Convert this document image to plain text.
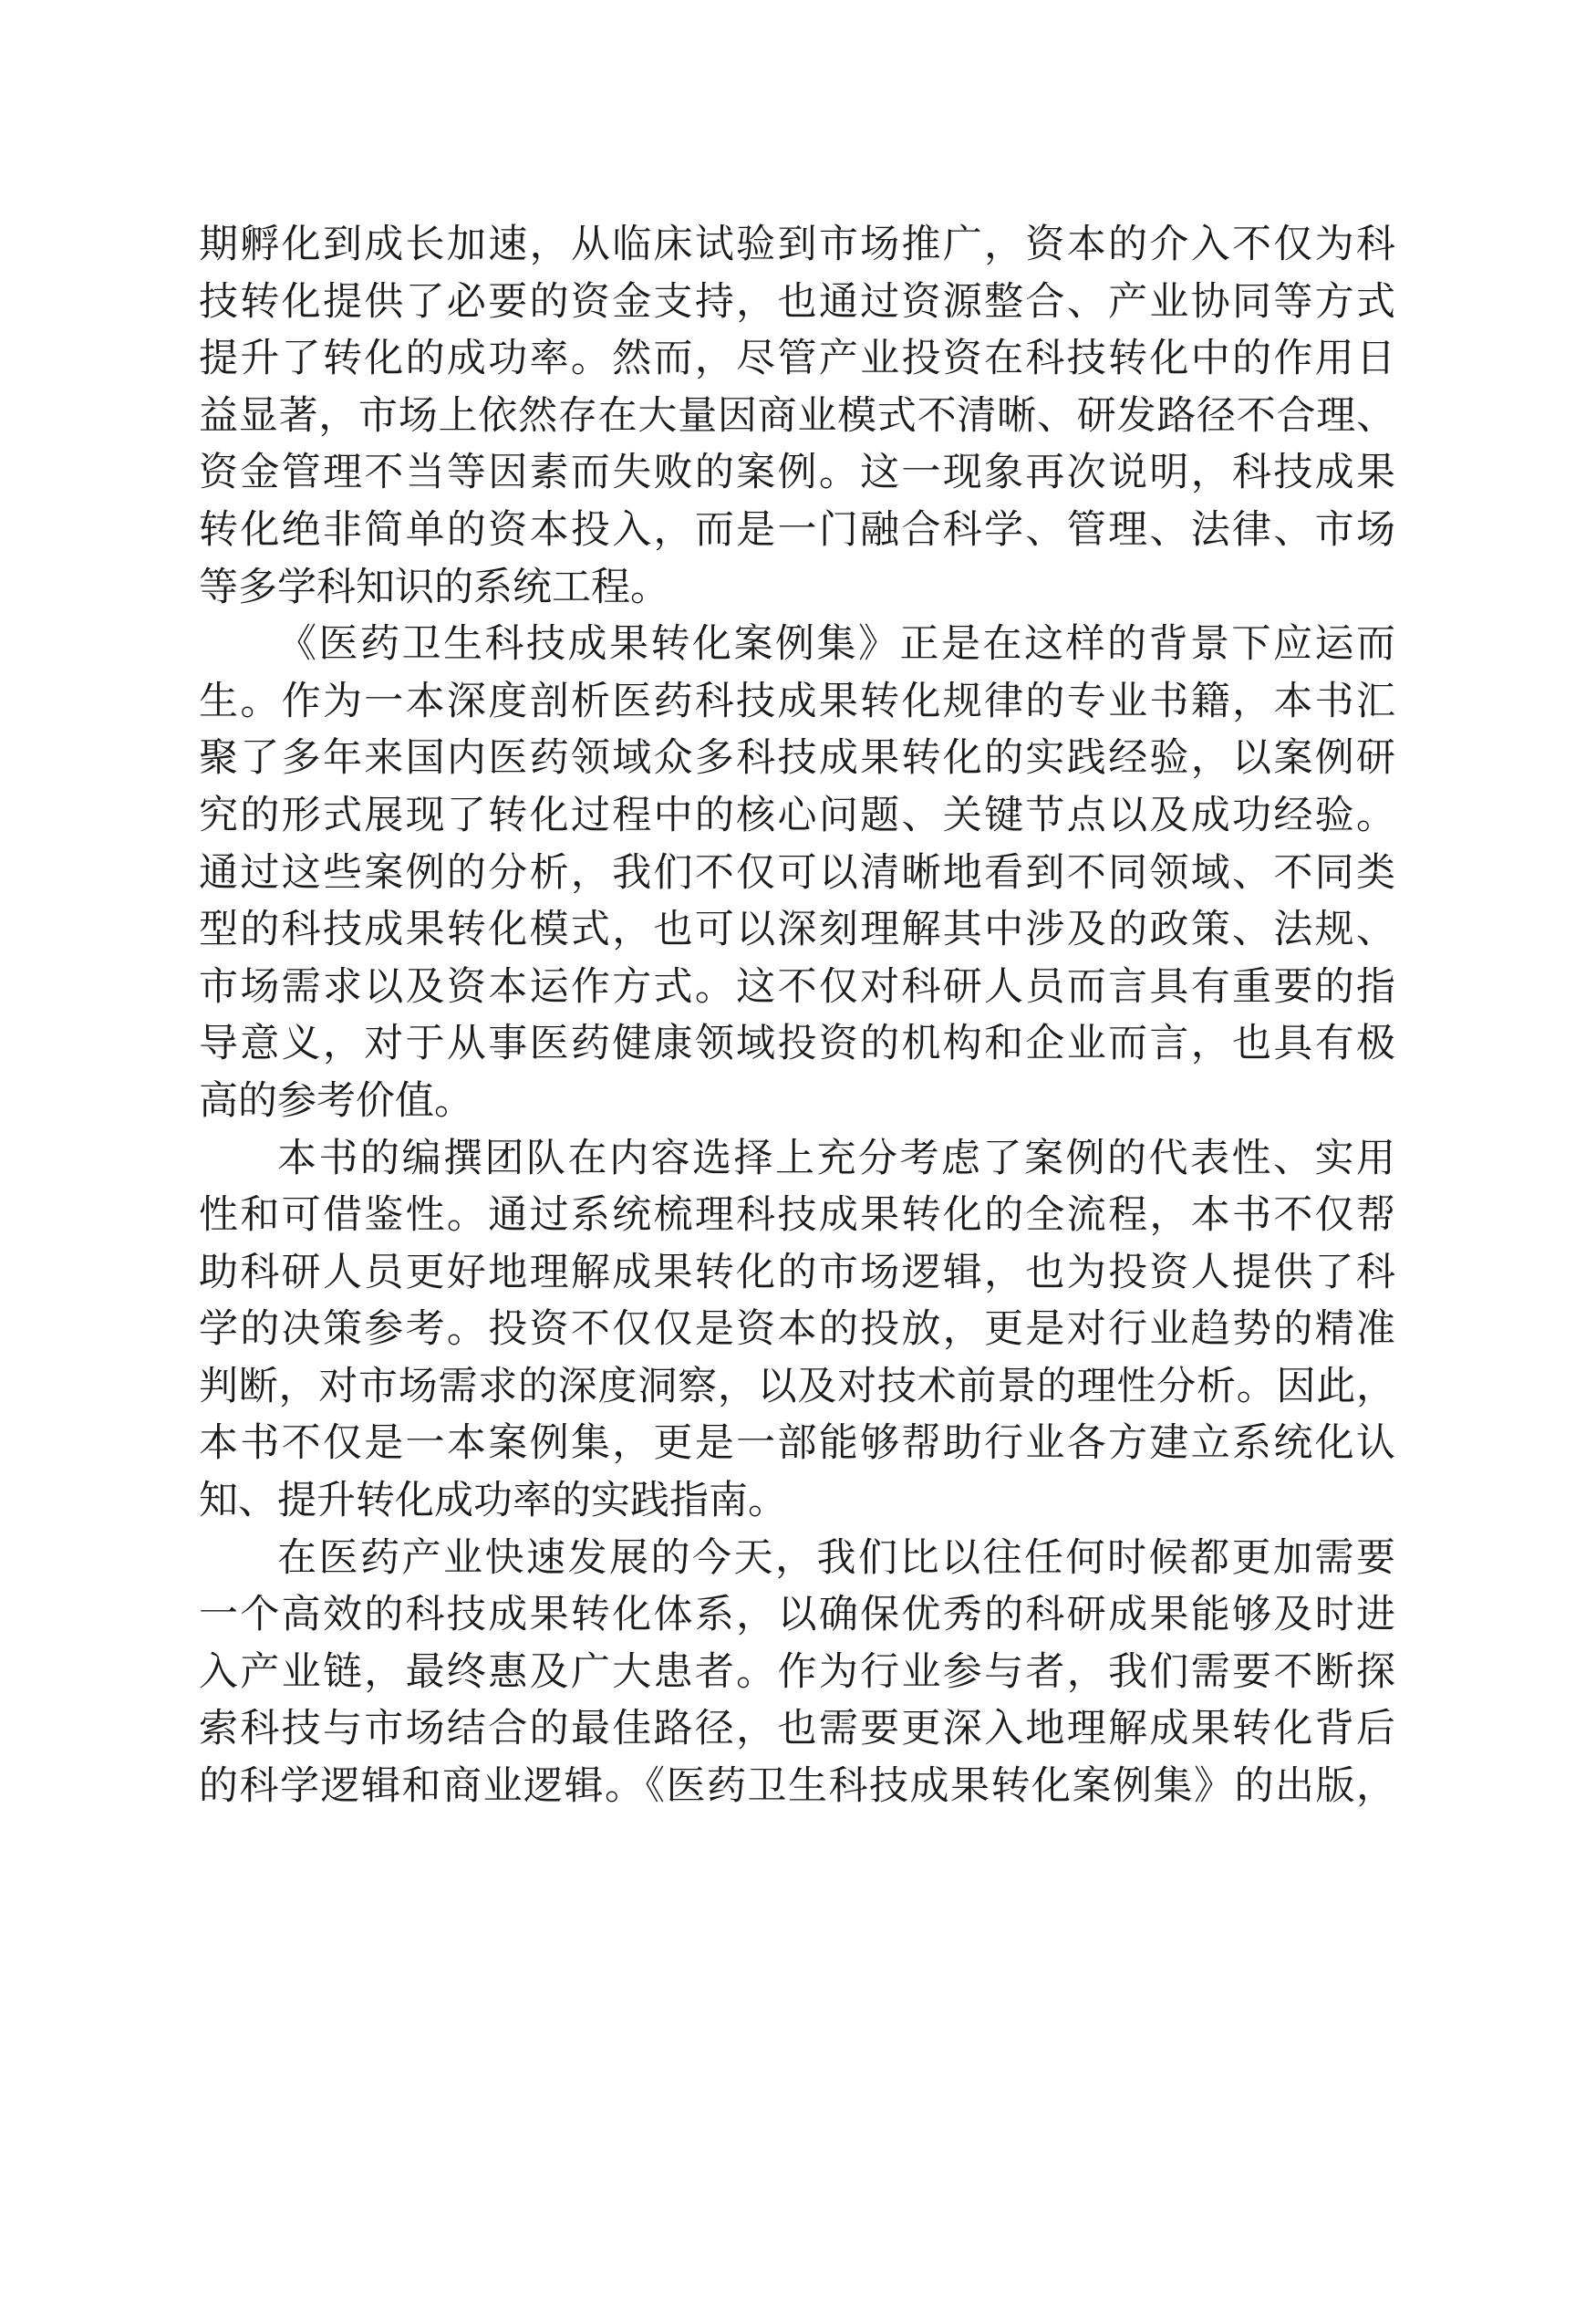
期孵化到成长加速，从临床试验到市场推广，资本的介入不仅为科
技转化提供了必要的资金支持，也通过资源整合、产业协同等方式
提升了转化的成功率。然而，尽管产业投资在科技转化中的作用日
益显著，市场上依然存在大量因商业模式不清晰、研发路径不合理、
资金管理不当等因素而失败的案例。这一现象再次说明，科技成果
转化绝非简单的资本投入，而是一门融合科学、管理、法律、市场
等多学科知识的系统工程。
《医药卫生科技成果转化案例集》正是在这样的背景下应运而
生。作为一本深度剖析医药科技成果转化规律的专业书籍，本书汇
聚了多年来国内医药领域众多科技成果转化的实践经验，以案例研
究的形式展现了转化过程中的核心问题、关键节点以及成功经验。
通过这些案例的分析，我们不仅可以清晰地看到不同领域、不同类
型的科技成果转化模式，也可以深刻理解其中涉及的政策、法规、
市场需求以及资本运作方式。这不仅对科研人员而言具有重要的指
导意义，对于从事医药健康领域投资的机构和企业而言，也具有极
高的参考价值。
本书的编撰团队在内容选择上充分考虑了案例的代表性、实用
性和可借鉴性。通过系统梳理科技成果转化的全流程，本书不仅帮
助科研人员更好地理解成果转化的市场逻辑，也为投资人提供了科
学的决策参考。投资不仅仅是资本的投放，更是对行业趋势的精准
判断，对市场需求的深度洞察，以及对技术前景的理性分析。因此，
本书不仅是一本案例集，更是一部能够帮助行业各方建立系统化认
知、提升转化成功率的实践指南。
在医药产业快速发展的今天，我们比以往任何时候都更加需要
一个高效的科技成果转化体系，以确保优秀的科研成果能够及时进
入产业链，最终惠及广大患者。作为行业参与者，我们需要不断探
索科技与市场结合的最佳路径，也需要更深入地理解成果转化背后
的科学逻辑和商业逻辑。《医药卫生科技成果转化案例集》的出版，
